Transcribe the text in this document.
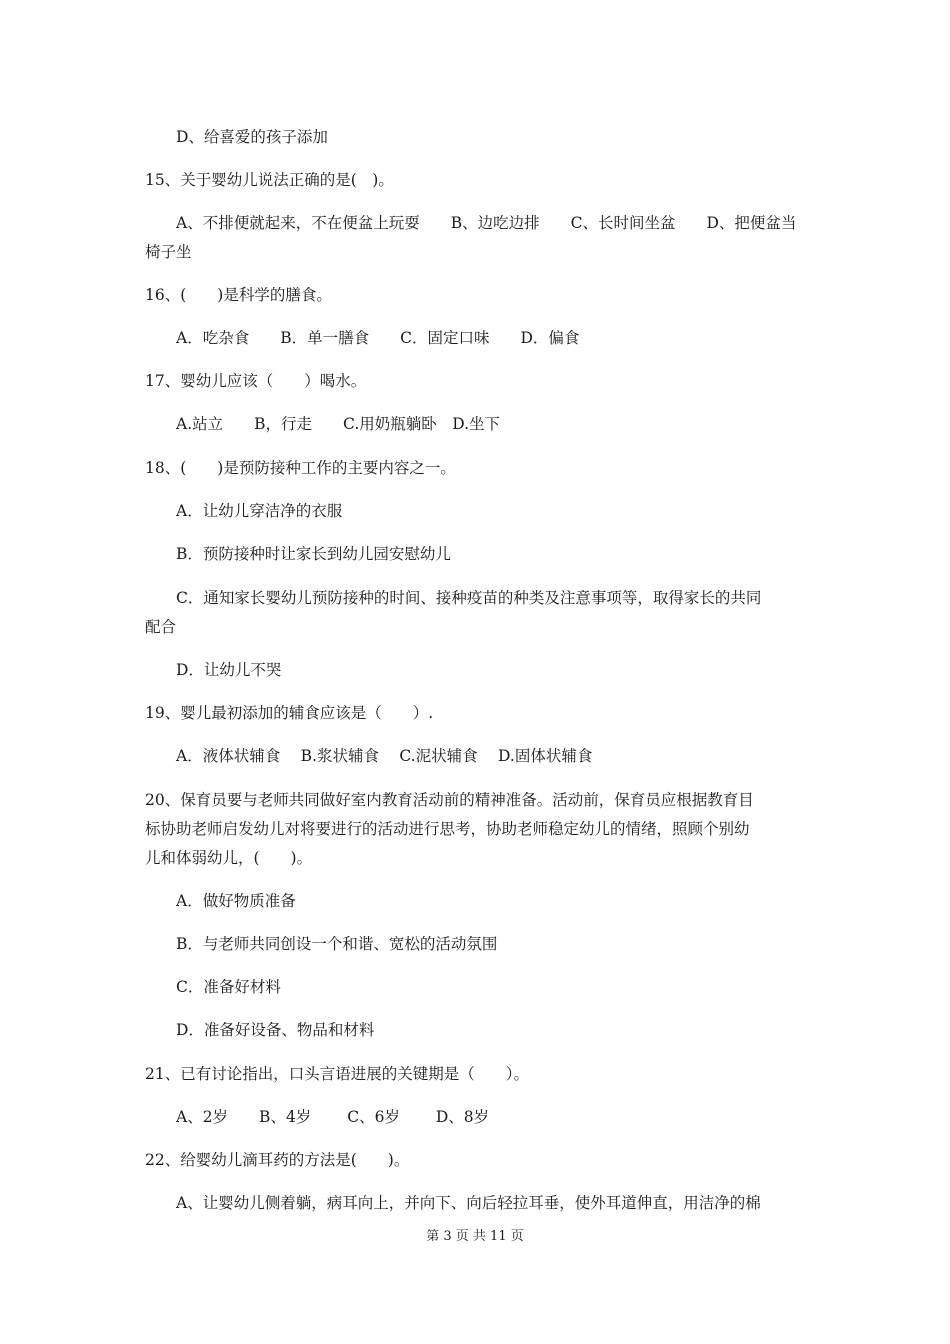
D、给喜爱的孩子添加
15、关于婴幼儿说法正确的是(　)。
A、不排便就起来，不在便盆上玩耍　　B、边吃边排　　C、长时间坐盆　　D、把便盆当
椅子坐
16、(　　)是科学的膳食。
A．吃杂食　　B．单一膳食　　C．固定口味　　D．偏食
17、婴幼儿应该（　　）喝水。
A.站立　　B，行走　　C.用奶瓶躺卧　D.坐下
18、(　　)是预防接种工作的主要内容之一。
A．让幼儿穿洁净的衣服
B．预防接种时让家长到幼儿园安慰幼儿
C．通知家长婴幼儿预防接种的时间、接种疫苗的种类及注意事项等，取得家长的共同
配合
D．让幼儿不哭
19、婴儿最初添加的辅食应该是（　　）.
A．液体状辅食　 B.浆状辅食　 C.泥状辅食　 D.固体状辅食
20、保育员要与老师共同做好室内教育活动前的精神准备。活动前，保育员应根据教育目
标协助老师启发幼儿对将要进行的活动进行思考，协助老师稳定幼儿的情绪，照顾个别幼
儿和体弱幼儿，(　　)。
A．做好物质准备
B．与老师共同创设一个和谐、宽松的活动氛围
C．准备好材料
D．准备好设备、物品和材料
21、已有讨论指出，口头言语进展的关键期是（　　）。
A、2岁　　B、4岁　　 C、6岁　　 D、8岁
22、给婴幼儿滴耳药的方法是(　　)。
A、让婴幼儿侧着躺，病耳向上，并向下、向后轻拉耳垂，使外耳道伸直，用洁净的棉
第 3 页 共 11 页
